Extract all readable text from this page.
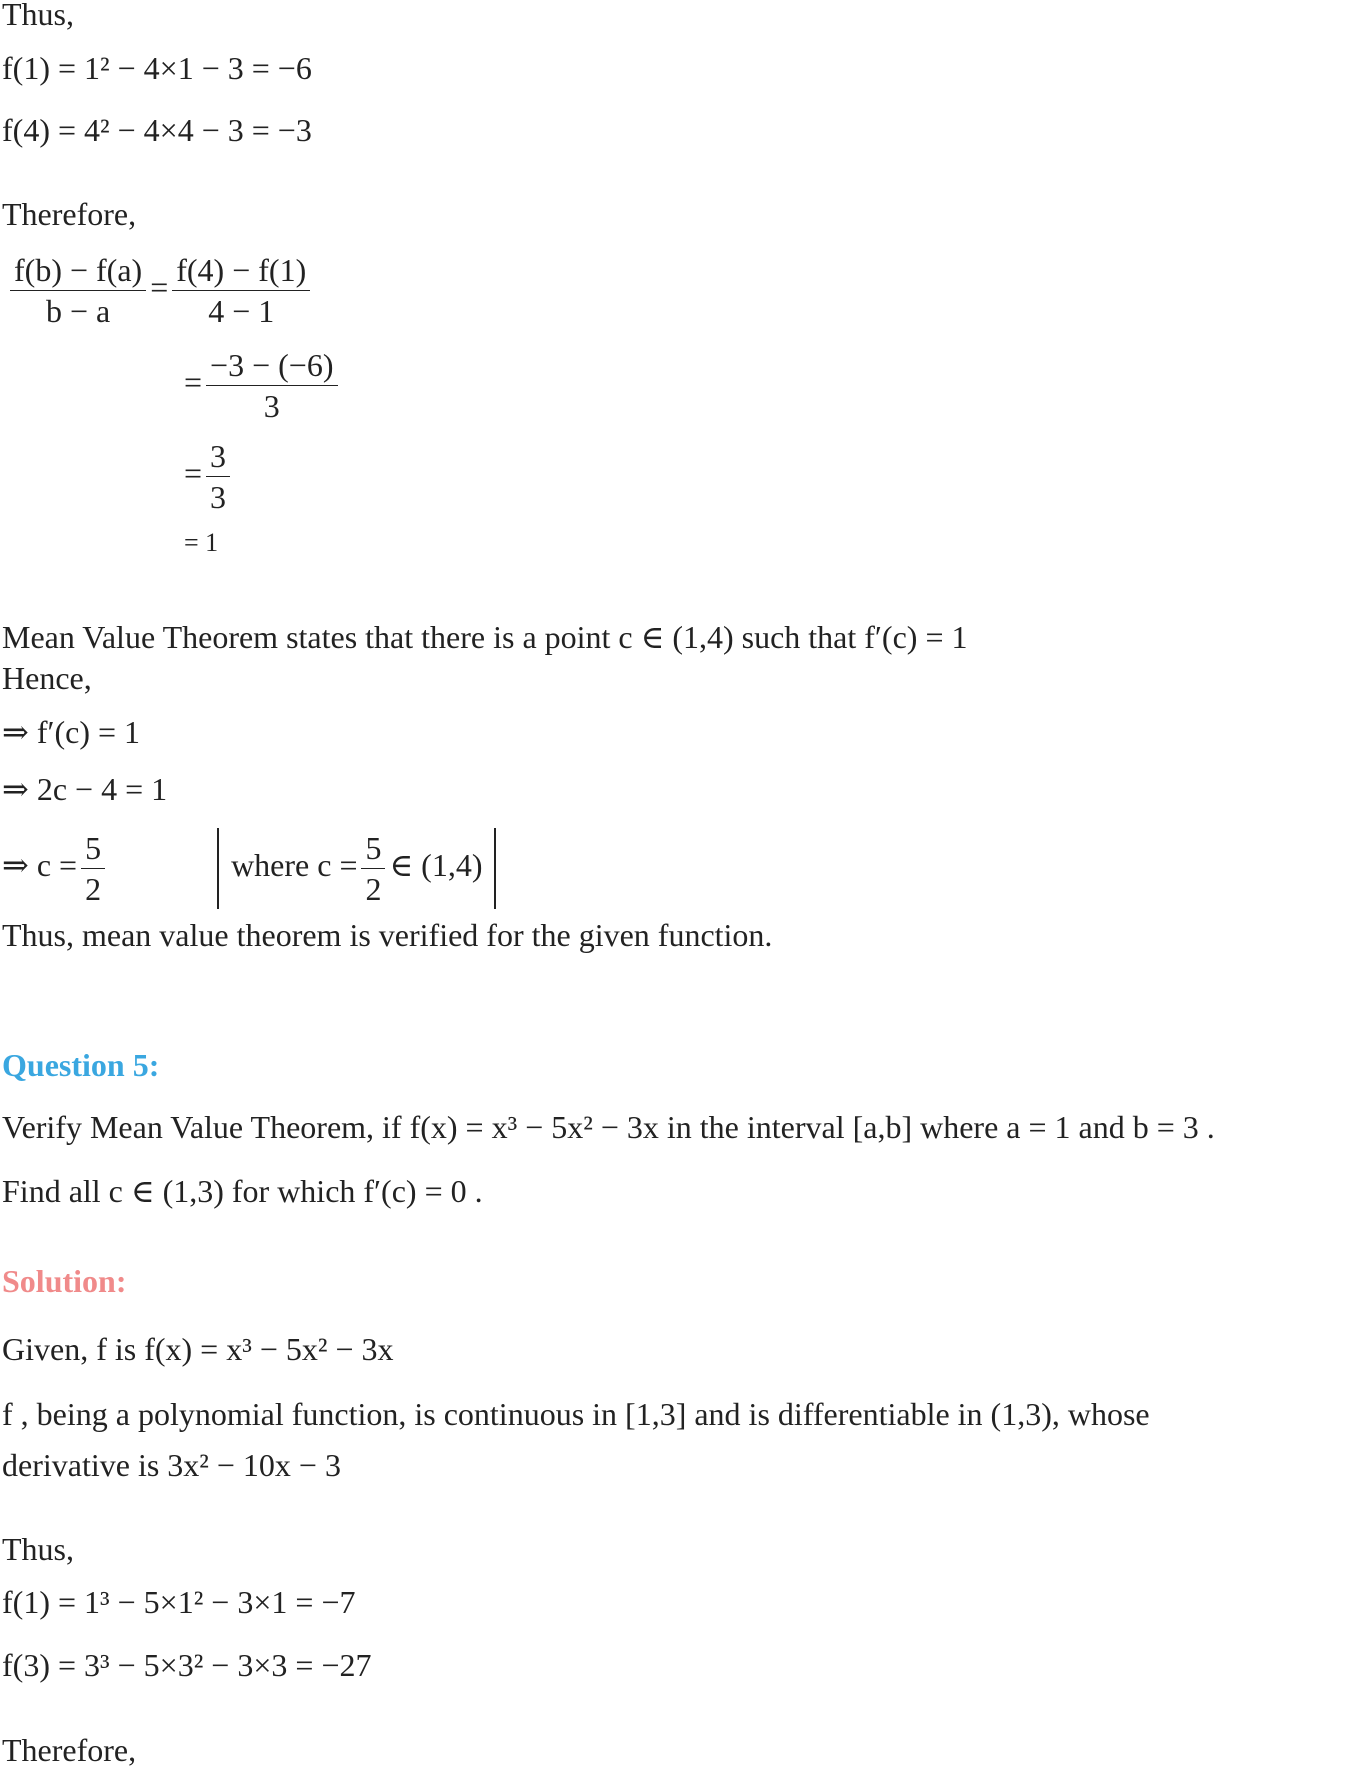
Thus,
f(1) = 1² − 4×1 − 3 = −6
f(4) = 4² − 4×4 − 3 = −3
Therefore,
$\frac{f(b) - f(a)}{b - a} = \frac{f(4) - f(1)}{4 - 1}$
= $\frac{-3 - (-6)}{3}$
= $\frac{3}{3}$
= 1
Mean Value Theorem states that there is a point c ∈ (1,4) such that f′(c) = 1
Hence,
⇒ f′(c) = 1
⇒ 2c − 4 = 1
⇒ $c = \frac{5}{2}$	where $c = \frac{5}{2}$ ∈ (1,4)
Thus, mean value theorem is verified for the given function.
Question 5:
Verify Mean Value Theorem, if f(x) = x³ − 5x² − 3x in the interval [a,b] where a = 1 and b = 3 .
Find all c ∈ (1,3) for which f′(c) = 0 .
Solution:
Given, f is f(x) = x³ − 5x² − 3x
f , being a polynomial function, is continuous in [1,3] and is differentiable in (1,3), whose
derivative is 3x² − 10x − 3
Thus,
f(1) = 1³ − 5×1² − 3×1 = −7
f(3) = 3³ − 5×3² − 3×3 = −27
Therefore,
